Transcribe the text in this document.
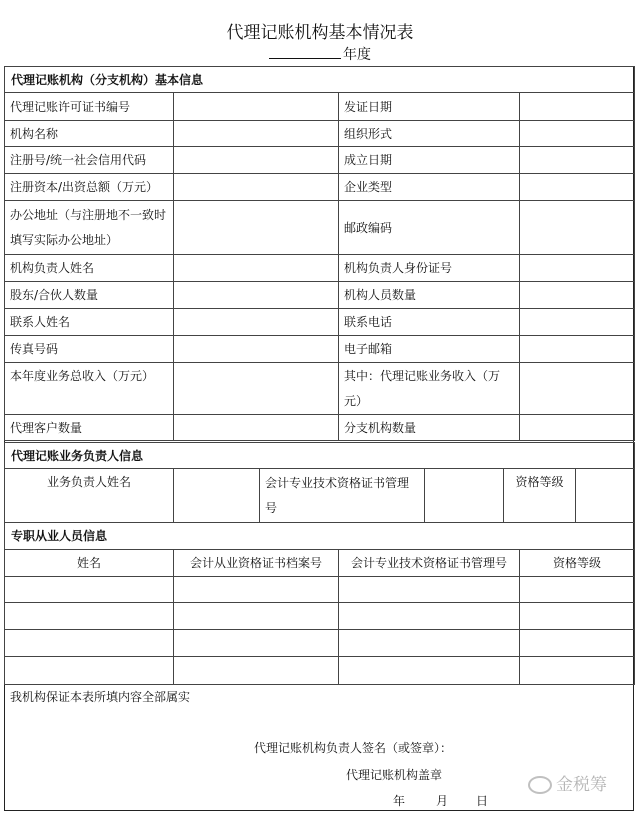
代理记账机构基本情况表
年度
代理记账机构（分支机构）基本信息			
代理记账许可证书编号		发证日期	
机构名称		组织形式	
注册号/统一社会信用代码		成立日期	
注册资本/出资总额（万元）		企业类型	
办公地址（与注册地不一致时填写实际办公地址）		邮政编码	
机构负责人姓名		机构负责人身份证号	
股东/合伙人数量		机构人员数量	
联系人姓名		联系电话	
传真号码		电子邮箱	
本年度业务总收入（万元）		其中：代理记账业务收入（万元）	
代理客户数量		分支机构数量	
代理记账业务负责人信息
业务负责人姓名		会计专业技术资格证书管理号		资格等级	
专职从业人员信息			
姓名	会计从业资格证书档案号	会计专业技术资格证书管理号	资格等级

我机构保证本表所填内容全部属实
代理记账机构负责人签名（或签章）：
代理记账机构盖章
年	月 日
金税筹
